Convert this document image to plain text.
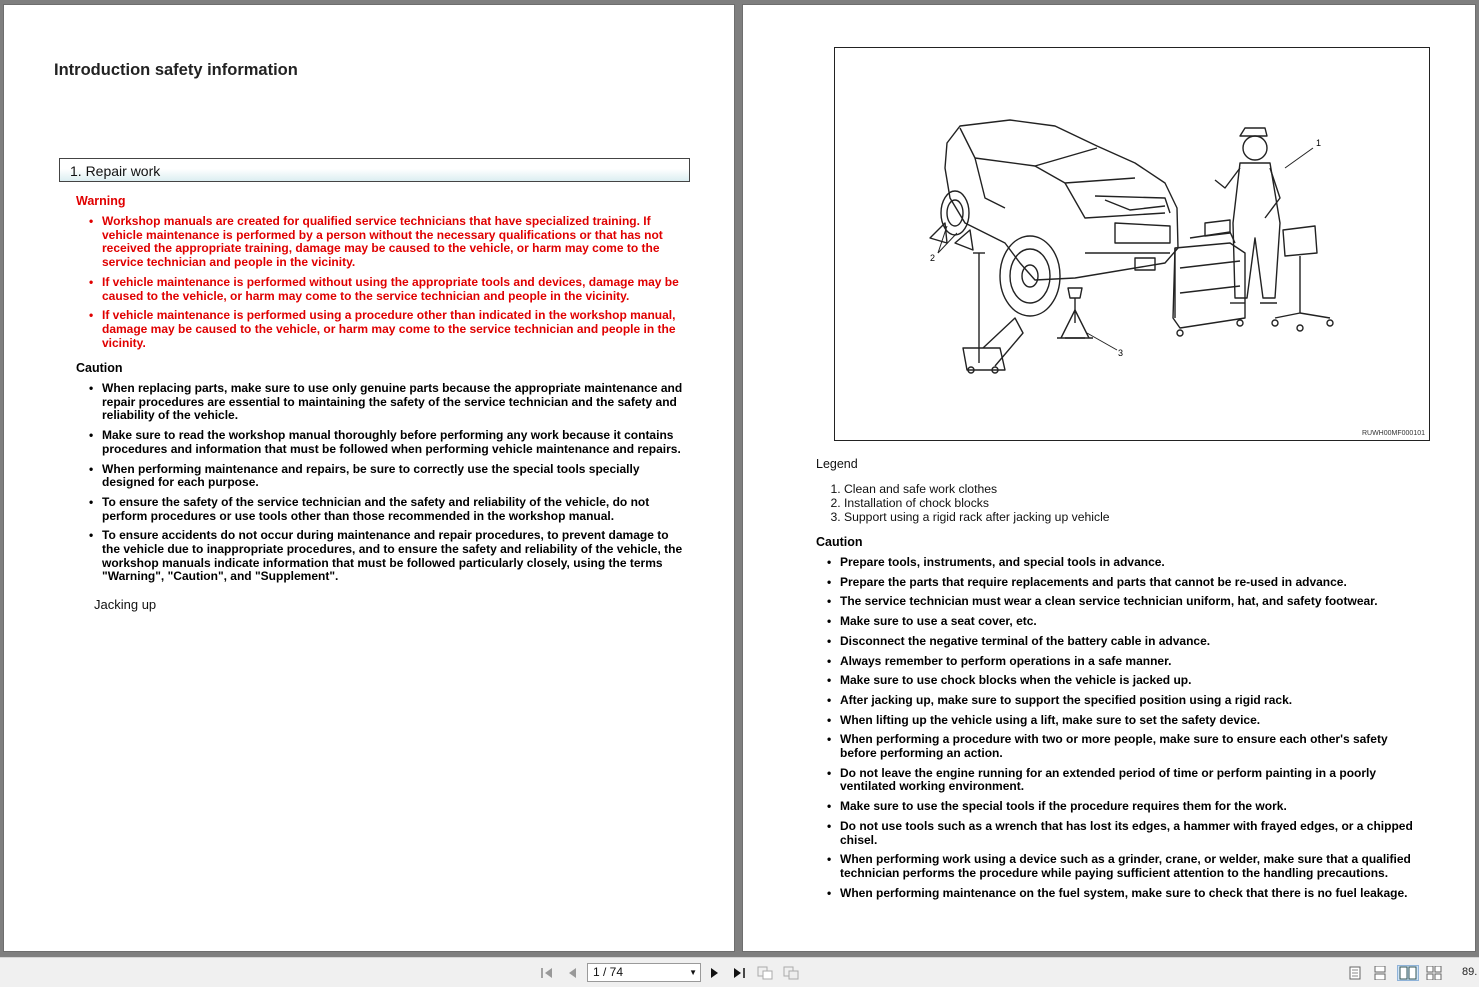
Introduction safety information
1. Repair work
Warning
• Workshop manuals are created for qualified service technicians that have specialized training. If vehicle maintenance is performed by a person without the necessary qualifications or that has not received the appropriate training, damage may be caused to the vehicle, or harm may come to the service technician and people in the vicinity.
• If vehicle maintenance is performed without using the appropriate tools and devices, damage may be caused to the vehicle, or harm may come to the service technician and people in the vicinity.
• If vehicle maintenance is performed using a procedure other than indicated in the workshop manual, damage may be caused to the vehicle, or harm may come to the service technician and people in the vicinity.
Caution
• When replacing parts, make sure to use only genuine parts because the appropriate maintenance and repair procedures are essential to maintaining the safety of the service technician and the safety and reliability of the vehicle.
• Make sure to read the workshop manual thoroughly before performing any work because it contains procedures and information that must be followed when performing vehicle maintenance and repairs.
• When performing maintenance and repairs, be sure to correctly use the special tools specially designed for each purpose.
• To ensure the safety of the service technician and the safety and reliability of the vehicle, do not perform procedures or use tools other than those recommended in the workshop manual.
• To ensure accidents do not occur during maintenance and repair procedures, to prevent damage to the vehicle due to inappropriate procedures, and to ensure the safety and reliability of the vehicle, the workshop manuals indicate information that must be followed particularly closely, using the terms "Warning", "Caution", and "Supplement".
Jacking up
1
2
3
RUWH00MF000101
Legend
1. Clean and safe work clothes
2. Installation of chock blocks
3. Support using a rigid rack after jacking up vehicle
Caution
• Prepare tools, instruments, and special tools in advance.
• Prepare the parts that require replacements and parts that cannot be re-used in advance.
• The service technician must wear a clean service technician uniform, hat, and safety footwear.
• Make sure to use a seat cover, etc.
• Disconnect the negative terminal of the battery cable in advance.
• Always remember to perform operations in a safe manner.
• Make sure to use chock blocks when the vehicle is jacked up.
• After jacking up, make sure to support the specified position using a rigid rack.
• When lifting up the vehicle using a lift, make sure to set the safety device.
• When performing a procedure with two or more people, make sure to ensure each other's safety before performing an action.
• Do not leave the engine running for an extended period of time or perform painting in a poorly ventilated working environment.
• Make sure to use the special tools if the procedure requires them for the work.
• Do not use tools such as a wrench that has lost its edges, a hammer with frayed edges, or a chipped chisel.
• When performing work using a device such as a grinder, crane, or welder, make sure that a qualified technician performs the procedure while paying sufficient attention to the handling precautions.
• When performing maintenance on the fuel system, make sure to check that there is no fuel leakage.
1 / 74	▼	89.
